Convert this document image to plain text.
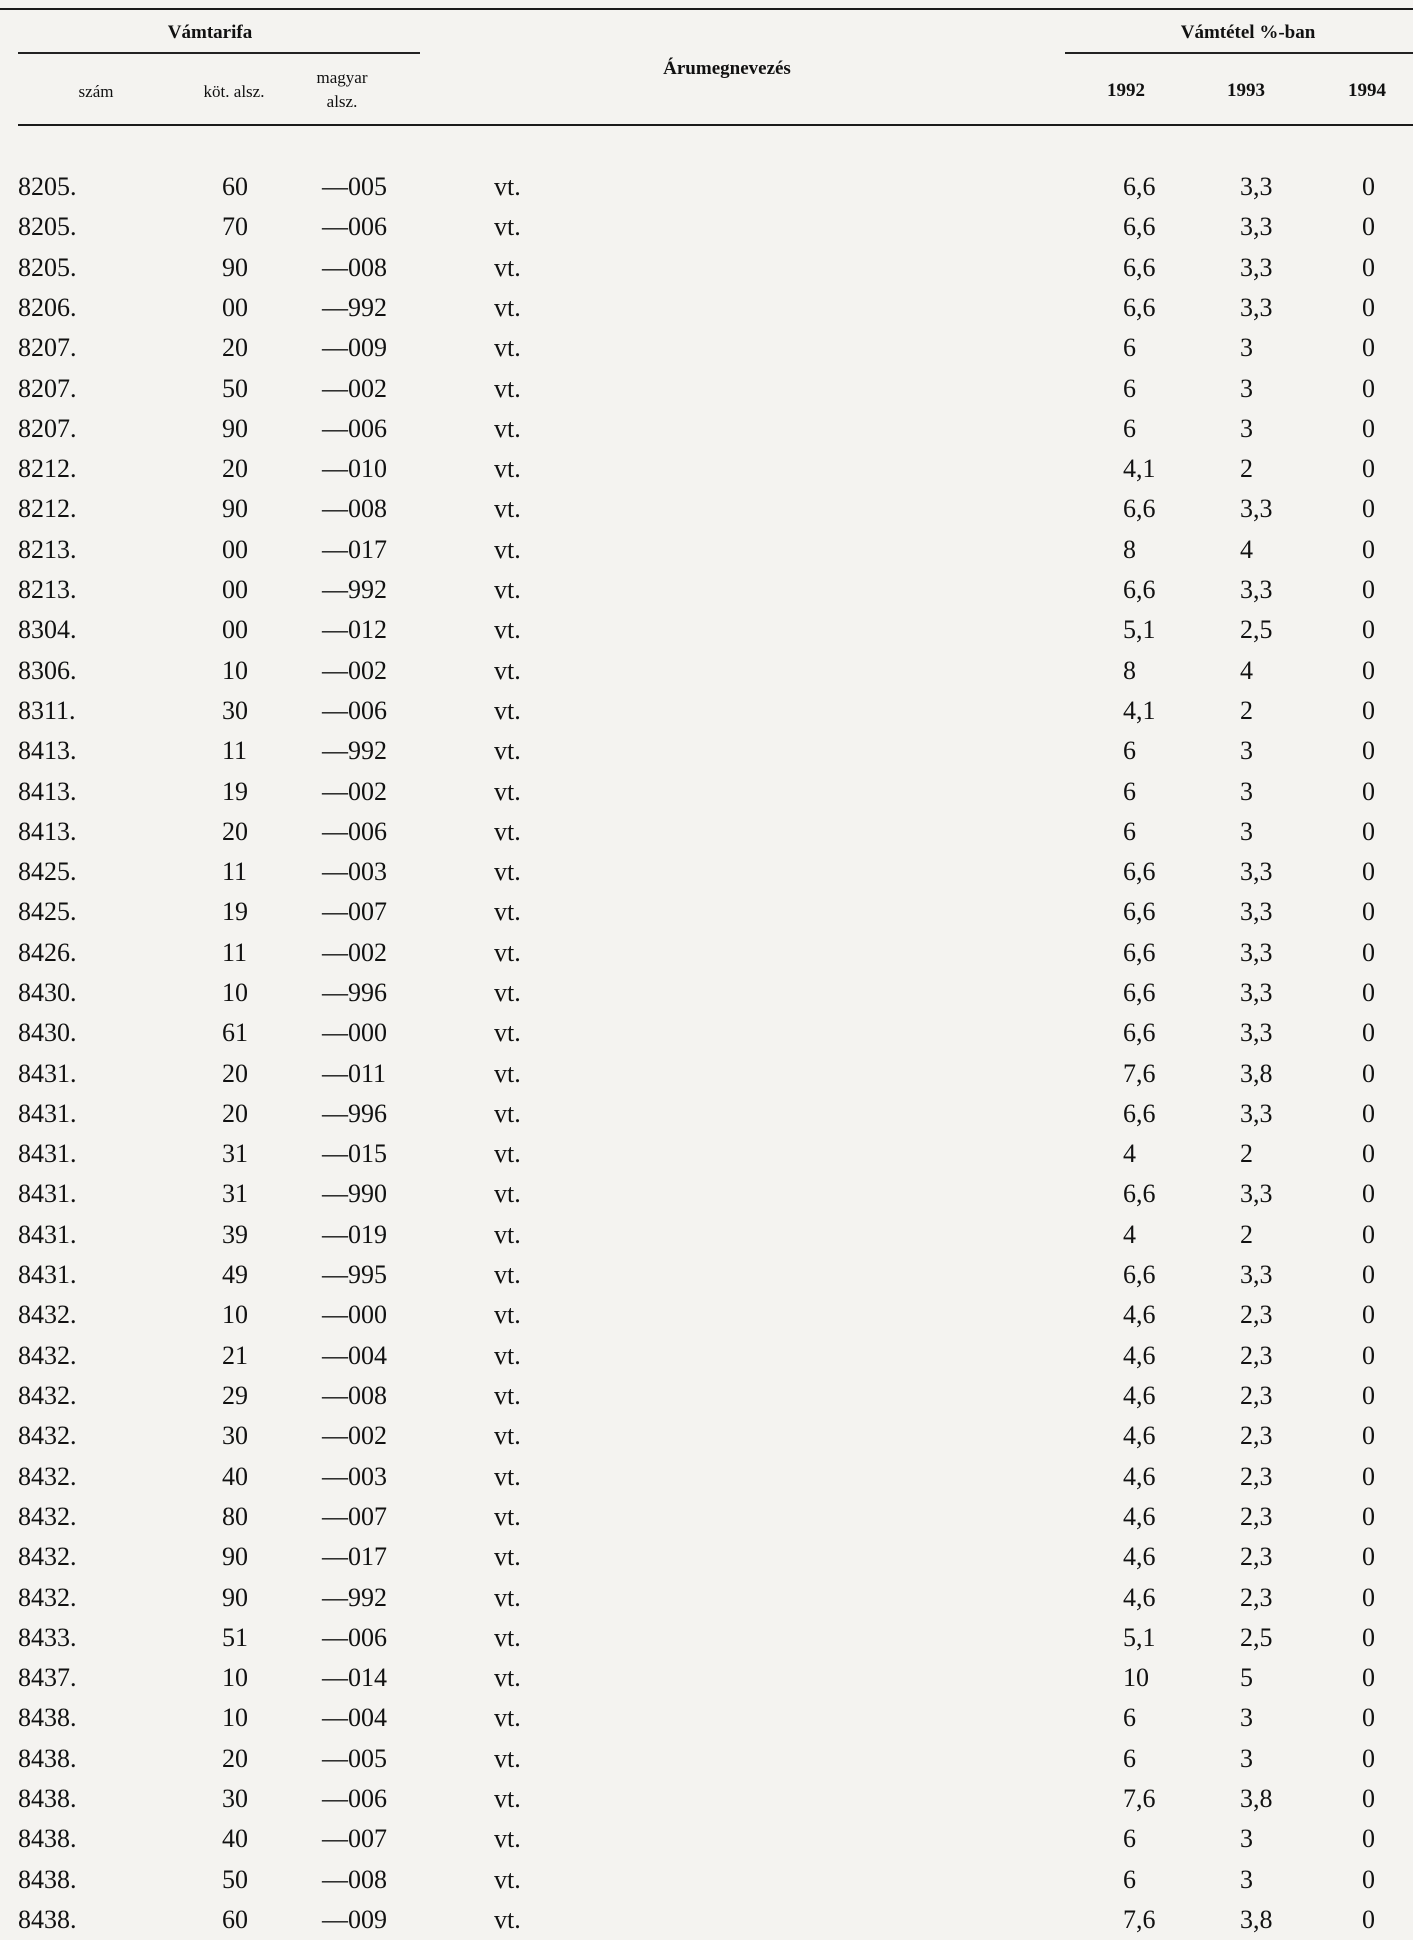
Vámtarifa
szám	köt. alsz.
magyar
alsz.
Árumegnevezés
Vámtétel %-ban
1992	1993	1994
8205.	60	—005	vt.	6,6	3,3	0
8205.	70	—006	vt.	6,6	3,3	0
8205.	90	—008	vt.	6,6	3,3	0
8206.	00	—992	vt.	6,6	3,3	0
8207.	20	—009	vt.	6	3	0
8207.	50	—002	vt.	6	3	0
8207.	90	—006	vt.	6	3	0
8212.	20	—010	vt.	4,1	2	0
8212.	90	—008	vt.	6,6	3,3	0
8213.	00	—017	vt.	8	4	0
8213.	00	—992	vt.	6,6	3,3	0
8304.	00	—012	vt.	5,1	2,5	0
8306.	10	—002	vt.	8	4	0
8311.	30	—006	vt.	4,1	2	0
8413.	11	—992	vt.	6	3	0
8413.	19	—002	vt.	6	3	0
8413.	20	—006	vt.	6	3	0
8425.	11	—003	vt.	6,6	3,3	0
8425.	19	—007	vt.	6,6	3,3	0
8426.	11	—002	vt.	6,6	3,3	0
8430.	10	—996	vt.	6,6	3,3	0
8430.	61	—000	vt.	6,6	3,3	0
8431.	20	—011	vt.	7,6	3,8	0
8431.	20	—996	vt.	6,6	3,3	0
8431.	31	—015	vt.	4	2	0
8431.	31	—990	vt.	6,6	3,3	0
8431.	39	—019	vt.	4	2	0
8431.	49	—995	vt.	6,6	3,3	0
8432.	10	—000	vt.	4,6	2,3	0
8432.	21	—004	vt.	4,6	2,3	0
8432.	29	—008	vt.	4,6	2,3	0
8432.	30	—002	vt.	4,6	2,3	0
8432.	40	—003	vt.	4,6	2,3	0
8432.	80	—007	vt.	4,6	2,3	0
8432.	90	—017	vt.	4,6	2,3	0
8432.	90	—992	vt.	4,6	2,3	0
8433.	51	—006	vt.	5,1	2,5	0
8437.	10	—014	vt.	10	5	0
8438.	10	—004	vt.	6	3	0
8438.	20	—005	vt.	6	3	0
8438.	30	—006	vt.	7,6	3,8	0
8438.	40	—007	vt.	6	3	0
8438.	50	—008	vt.	6	3	0
8438.	60	—009	vt.	7,6	3,8	0
